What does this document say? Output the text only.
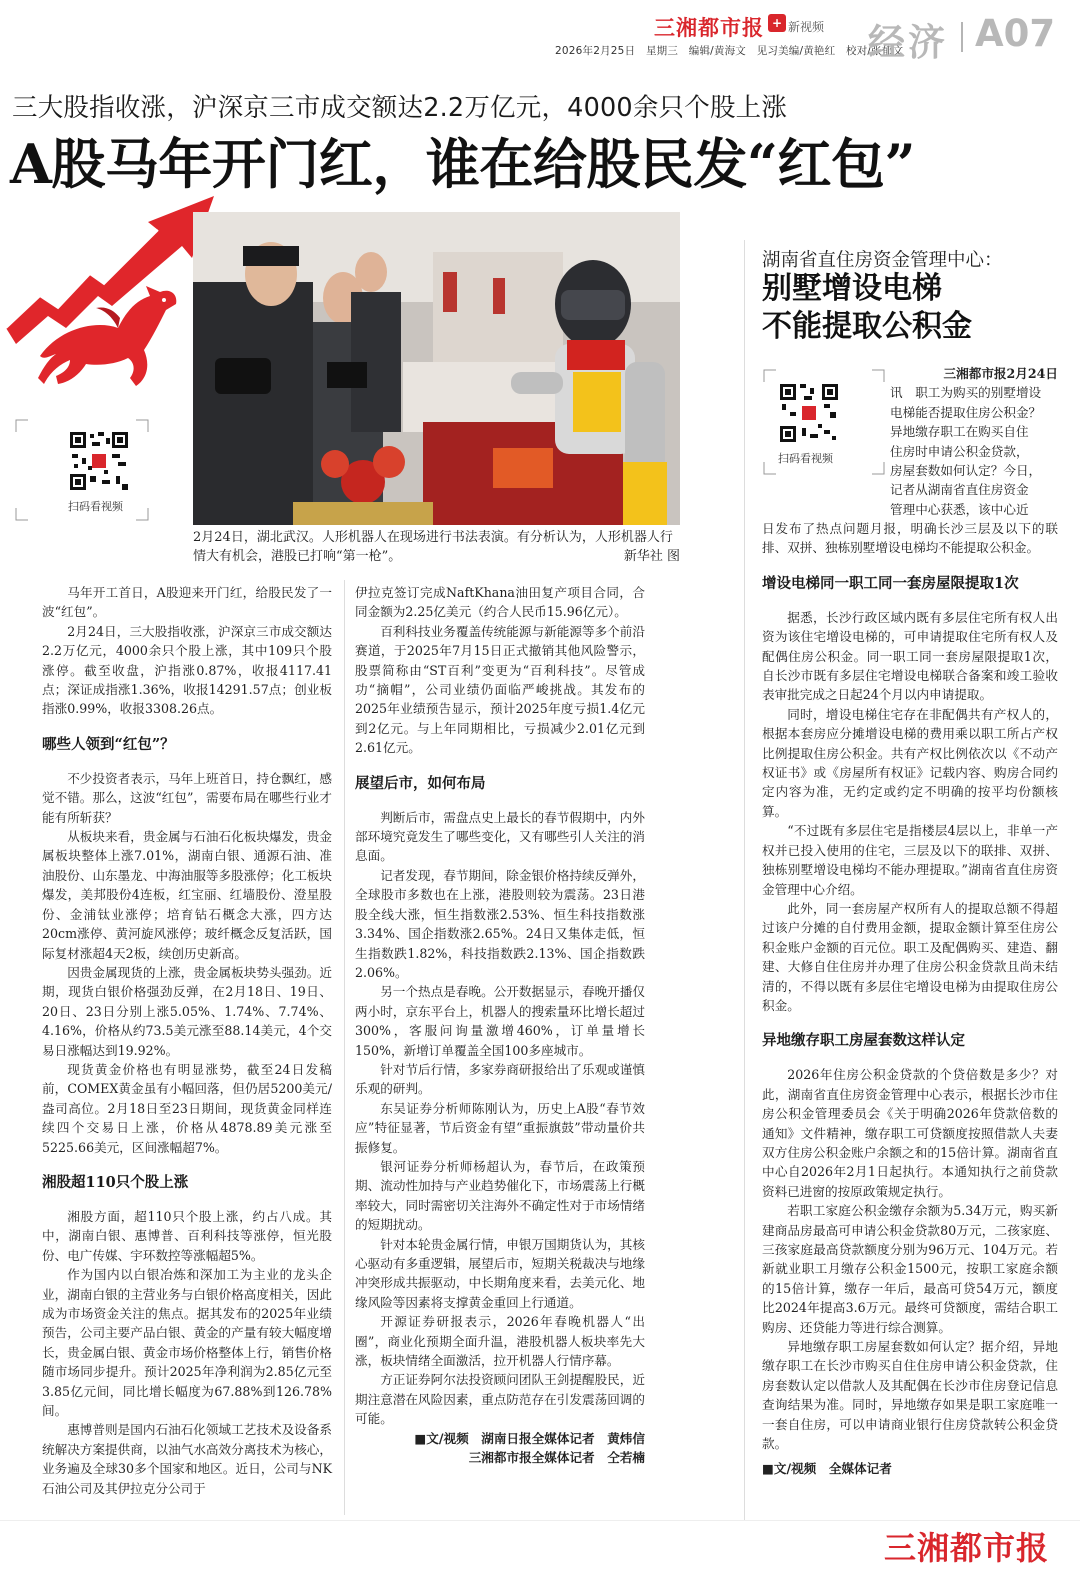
三湘都市报 + 新视频
2026年2月25日　星期三　编辑/黄海文　见习美编/黄艳红　校对/张郁文
经济 A07
三大股指收涨，沪深京三市成交额达2.2万亿元，4000余只个股上涨
A股马年开门红，谁在给股民发“红包”
2月24日，湖北武汉。人形机器人在现场进行书法表演。有分析认为，人形机器人行情大有机会，港股已打响“第一枪”。	新华社 图
扫码看视频

马年开工首日，A股迎来开门红，给股民发了一波“红包”。

2月24日，三大股指收涨，沪深京三市成交额达2.2万亿元，4000余只个股上涨，其中109只个股涨停。截至收盘，沪指涨0.87%，收报4117.41点；深证成指涨1.36%，收报14291.57点；创业板指涨0.99%，收报3308.26点。

哪些人领到“红包”？

不少投资者表示，马年上班首日，持仓飘红，感觉不错。那么，这波“红包”，需要布局在哪些行业才能有所斩获？

从板块来看，贵金属与石油石化板块爆发，贵金属板块整体上涨7.01%，湖南白银、通源石油、准油股份、山东墨龙、中海油服等多股涨停；化工板块爆发，美邦股份4连板，红宝丽、红墙股份、澄星股份、金浦钛业涨停；培育钻石概念大涨，四方达20cm涨停、黄河旋风涨停；玻纤概念反复活跃，国际复材涨超4天2板，续创历史新高。

因贵金属现货的上涨，贵金属板块势头强劲。近期，现货白银价格强劲反弹，在2月18日、19日、20日、23日分别上涨5.05%、1.74%、7.74%、4.16%，价格从约73.5美元涨至88.14美元，4个交易日涨幅达到19.92%。

现货黄金价格也有明显涨势，截至24日发稿前，COMEX黄金虽有小幅回落，但仍居5200美元/盎司高位。2月18日至23日期间，现货黄金同样连续四个交易日上涨，价格从4878.89美元涨至5225.66美元，区间涨幅超7%。

湘股超110只个股上涨

湘股方面，超110只个股上涨，约占八成。其中，湖南白银、惠博普、百利科技等涨停，恒光股份、电广传媒、宇环数控等涨幅超5%。

作为国内以白银冶炼和深加工为主业的龙头企业，湖南白银的主营业务与白银价格高度相关，因此成为市场资金关注的焦点。据其发布的2025年业绩预告，公司主要产品白银、黄金的产量有较大幅度增长，贵金属白银、黄金市场价格整体上行，销售价格随市场同步提升。预计2025年净利润为2.85亿元至3.85亿元间，同比增长幅度为67.88%到126.78%间。

惠博普则是国内石油石化领域工艺技术及设备系统解决方案提供商，以油气水高效分离技术为核心，业务遍及全球30多个国家和地区。近日，公司与NK石油公司及其伊拉克分公司于

伊拉克签订完成NaftKhana油田复产项目合同，合同金额为2.25亿美元（约合人民币15.96亿元）。

百利科技业务覆盖传统能源与新能源等多个前沿赛道，于2025年7月15日正式撤销其他风险警示，股票简称由“ST百利”变更为“百利科技”。尽管成功“摘帽”，公司业绩仍面临严峻挑战。其发布的2025年业绩预告显示，预计2025年度亏损1.4亿元到2亿元。与上年同期相比，亏损减少2.01亿元到2.61亿元。

展望后市，如何布局

判断后市，需盘点史上最长的春节假期中，内外部环境究竟发生了哪些变化，又有哪些引人关注的消息面。

记者发现，春节期间，除金银价格持续反弹外，全球股市多数也在上涨，港股则较为震荡。23日港股全线大涨，恒生指数涨2.53%、恒生科技指数涨3.34%、国企指数涨2.65%。24日又集体走低，恒生指数跌1.82%，科技指数跌2.13%、国企指数跌2.06%。

另一个热点是春晚。公开数据显示，春晚开播仅两小时，京东平台上，机器人的搜索量环比增长超过300%，客服问询量激增460%，订单量增长150%，新增订单覆盖全国100多座城市。

针对节后行情，多家券商研报给出了乐观或谨慎乐观的研判。

东吴证券分析师陈刚认为，历史上A股“春节效应”特征显著，节后资金有望“重振旗鼓”带动量价共振修复。

银河证券分析师杨超认为，春节后，在政策预期、流动性加持与产业趋势催化下，市场震荡上行概率较大，同时需密切关注海外不确定性对于市场情绪的短期扰动。

针对本轮贵金属行情，申银万国期货认为，其核心驱动有多重逻辑，展望后市，短期关税裁决与地缘冲突形成共振驱动，中长期角度来看，去美元化、地缘风险等因素将支撑黄金重回上行通道。

开源证券研报表示，2026年春晚机器人“出圈”，商业化预期全面升温，港股机器人板块率先大涨，板块情绪全面激活，拉开机器人行情序幕。

方正证券阿尔法投资顾问团队王剑提醒股民，近期注意潜在风险因素，重点防范存在引发震荡回调的可能。

■文/视频　湖南日报全媒体记者　黄炜信

三湘都市报全媒体记者　仝若楠

湖南省直住房资金管理中心：
别墅增设电梯
不能提取公积金
扫码看视频
三湘都市报2月24日
讯　职工为购买的别墅增设
电梯能否提取住房公积金？
异地缴存职工在购买自住
住房时申请公积金贷款，
房屋套数如何认定？今日，
记者从湖南省直住房资金
管理中心获悉，该中心近

日发布了热点问题月报，明确长沙三层及以下的联排、双拼、独栋别墅增设电梯均不能提取公积金。

增设电梯同一职工同一套房屋限提取1次

据悉，长沙行政区域内既有多层住宅所有权人出资为该住宅增设电梯的，可申请提取住宅所有权人及配偶住房公积金。同一职工同一套房屋限提取1次，自长沙市既有多层住宅增设电梯联合备案和竣工验收表审批完成之日起24个月以内申请提取。

同时，增设电梯住宅存在非配偶共有产权人的，根据本套房应分摊增设电梯的费用乘以职工所占产权比例提取住房公积金。共有产权比例依次以《不动产权证书》或《房屋所有权证》记载内容、购房合同约定内容为准，无约定或约定不明确的按平均份额核算。

“不过既有多层住宅是指楼层4层以上，非单一产权并已投入使用的住宅，三层及以下的联排、双拼、独栋别墅增设电梯均不能办理提取。”湖南省直住房资金管理中心介绍。

此外，同一套房屋产权所有人的提取总额不得超过该户分摊的自付费用金额，提取金额计算至住房公积金账户金额的百元位。职工及配偶购买、建造、翻建、大修自住住房并办理了住房公积金贷款且尚未结清的，不得以既有多层住宅增设电梯为由提取住房公积金。

异地缴存职工房屋套数这样认定

2026年住房公积金贷款的个贷倍数是多少？对此，湖南省直住房资金管理中心表示，根据长沙市住房公积金管理委员会《关于明确2026年贷款倍数的通知》文件精神，缴存职工可贷额度按照借款人夫妻双方住房公积金账户余额之和的15倍计算。湖南省直中心自2026年2月1日起执行。本通知执行之前贷款资料已进窗的按原政策规定执行。

若职工家庭公积金缴存余额为5.34万元，购买新建商品房最高可申请公积金贷款80万元，二孩家庭、三孩家庭最高贷款额度分别为96万元、104万元。若新就业职工月缴存公积金1500元，按职工家庭余额的15倍计算，缴存一年后，最高可贷54万元，额度比2024年提高3.6万元。最终可贷额度，需结合职工购房、还贷能力等进行综合测算。

异地缴存职工房屋套数如何认定？据介绍，异地缴存职工在长沙市购买自住住房申请公积金贷款，住房套数认定以借款人及其配偶在长沙市住房登记信息查询结果为准。同时，异地缴存如果是职工家庭唯一一套自住房，可以申请商业银行住房贷款转公积金贷款。

■文/视频　全媒体记者

三湘都市报
